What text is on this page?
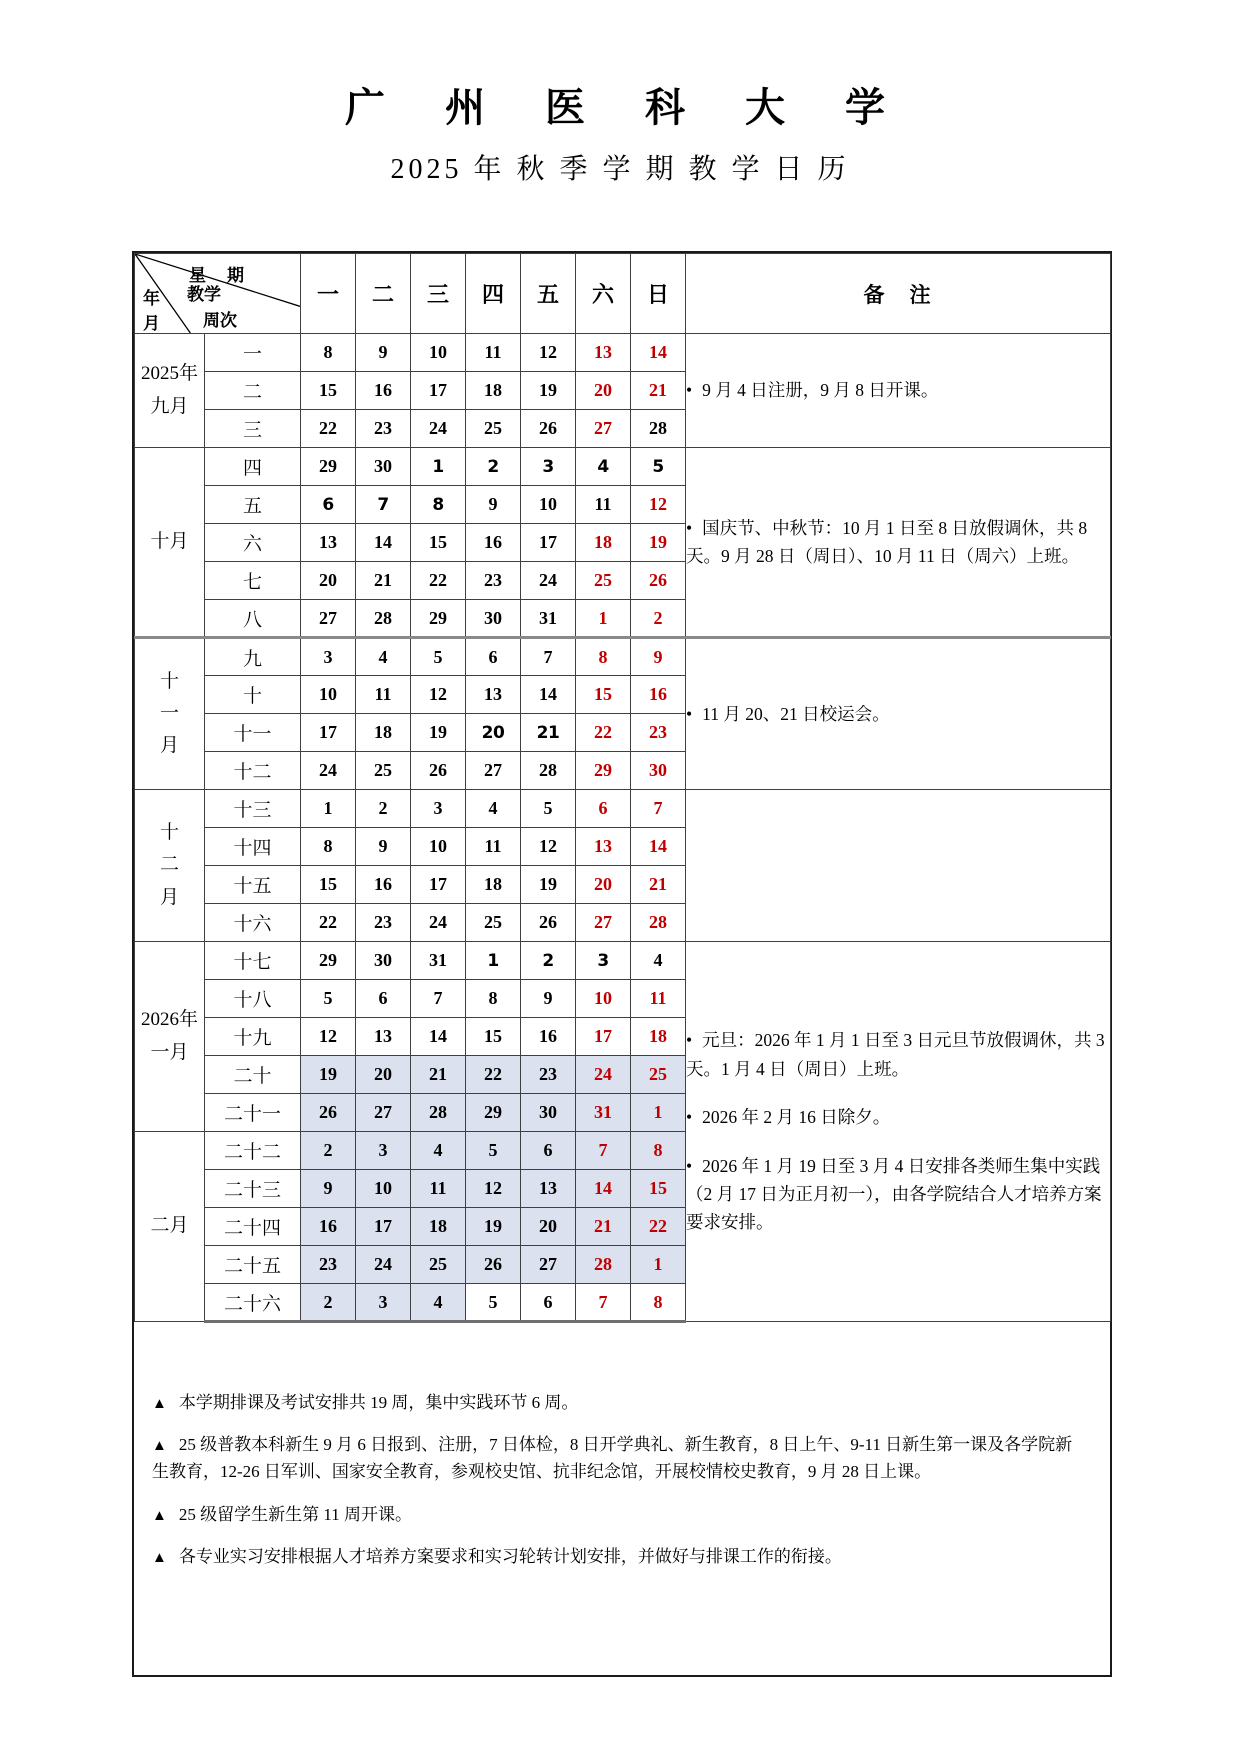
广　州　医　科　大　学
2025 年 秋 季 学 期 教 学 日 历
星　期
年 教学
月 周次		一	二	三	四	五	六	日	备　注

2025年
九月	一	8	9	10	11	12	13	14	• 9 月 4 日注册，9 月 8 日开课。

	二	15	16	17	18	19	20	21	
	三	22	23	24	25	26	27	28	

十月	四	29	30	1	2	3	4	5	• 国庆节、中秋节：10 月 1 日至 8 日放假调休，共 8 天。9 月 28 日（周日）、10 月 11 日（周六）上班。

	五	6	7	8	9	10	11	12	
	六	13	14	15	16	17	18	19	
	七	20	21	22	23	24	25	26	
	八	27	28	29	30	31	1	2	

十
一
月	九	3	4	5	6	7	8	9	• 11 月 20、21 日校运会。

	十	10	11	12	13	14	15	16	
	十一	17	18	19	20	21	22	23	
	十二	24	25	26	27	28	29	30	

十
二
月	十三	1	2	3	4	5	6	7	
	十四	8	9	10	11	12	13	14	
	十五	15	16	17	18	19	20	21	
	十六	22	23	24	25	26	27	28	

2026年
一月
	十七	29	30	31	1	2	3	4	
• 元旦：2026 年 1 月 1 日至 3 日元旦节放假调休，共 3 天。1 月 4 日（周日）上班。
• 2026 年 2 月 16 日除夕。
• 2026 年 1 月 19 日至 3 月 4 日安排各类师生集中实践（2 月 17 日为正月初一），由各学院结合人才培养方案要求安排。

	十八	5	6	7	8	9	10	11	
	十九	12	13	14	15	16	17	18	
	二十	19	20	21	22	23	24	25	
	二十一	26	27	28	29	30	31	1	

二月	二十二	2	3	4	5	6	7	8	
	二十三	9	10	11	12	13	14	15	
	二十四	16	17	18	19	20	21	22	
	二十五	23	24	25	26	27	28	1	
	二十六	2	3	4	5	6	7	8	
▲ 本学期排课及考试安排共 19 周，集中实践环节 6 周。
▲ 25 级普教本科新生 9 月 6 日报到、注册，7 日体检，8 日开学典礼、新生教育，8 日上午、9-11 日新生第一课及各学院新生教育，12-26 日军训、国家安全教育，参观校史馆、抗非纪念馆，开展校情校史教育，9 月 28 日上课。
▲ 25 级留学生新生第 11 周开课。
▲ 各专业实习安排根据人才培养方案要求和实习轮转计划安排，并做好与排课工作的衔接。
